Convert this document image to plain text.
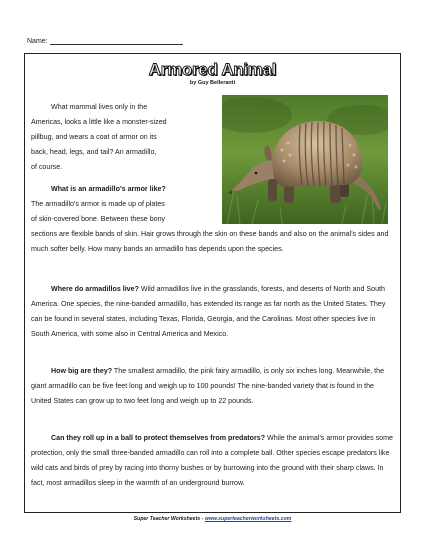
Name:
Armored Animal
by Guy Belleranti

What mammal lives only in the

Americas, looks a little like a monster-sized

pillbug, and wears a coat of armor on its

back, head, legs, and tail? An armadillo,

of course.

What is an armadillo's armor like?

The armadillo's armor is made up of plates

of skin-covered bone. Between these bony

sections are flexible bands of skin. Hair grows through the skin on these bands and also on the animal's sides and much softer belly. How many bands an armadillo has depends upon the species.

Where do armadillos live? Wild armadillos live in the grasslands, forests, and deserts of North and South America. One species, the nine-banded armadillo, has extended its range as far north as the United States. They can be found in several states, including Texas, Florida, Georgia, and the Carolinas. Most other species live in South America, with some also in Central America and Mexico.

How big are they? The smallest armadillo, the pink fairy armadillo, is only six inches long. Meanwhile, the giant armadillo can be five feet long and weigh up to 100 pounds! The nine-banded variety that is found in the United States can grow up to two feet long and weigh up to 22 pounds.

Can they roll up in a ball to protect themselves from predators? While the animal's armor provides some protection, only the small three-banded armadillo can roll into a complete ball. Other species escape predators like wild cats and birds of prey by racing into thorny bushes or by burrowing into the ground with their sharp claws. In fact, most armadillos sleep in the warmth of an underground burrow.

Super Teacher Worksheets - www.superteacherworksheets.com
